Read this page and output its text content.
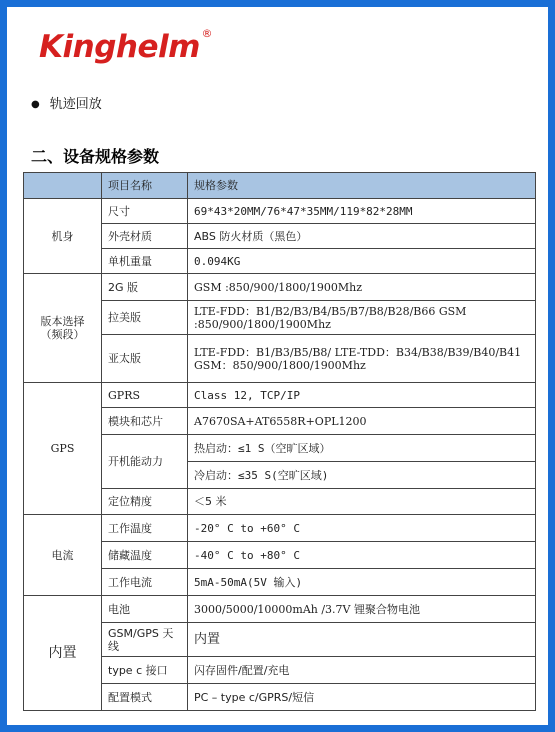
Kinghelm ®
● 轨迹回放
二、设备规格参数
	项目名称	规格参数
机身	尺寸	69*43*20MM/76*47*35MM/119*82*28MM
	外壳材质	ABS 防火材质（黑色）
	单机重量	0.094KG
版本选择（频段）	2G 版	GSM :850/900/1800/1900Mhz
	拉美版	LTE-FDD：B1/B2/B3/B4/B5/B7/B8/B28/B66 GSM :850/900/1800/1900Mhz
	亚太版	LTE-FDD：B1/B3/B5/B8/ LTE-TDD：B34/B38/B39/B40/B41 GSM：850/900/1800/1900Mhz
GPS	GPRS	Class 12, TCP/IP
	模块和芯片	A7670SA+AT6558R+OPL1200
	开机能动力	热启动：≤1 S（空旷区域）
		冷启动：≤35 S(空旷区域)
	定位精度	＜5 米
电流	工作温度	-20° C to +60° C
	储藏温度	-40° C to +80° C
	工作电流	5mA-50mA(5V 输入)
内置	电池	3000/5000/10000mAh /3.7V 锂聚合物电池
	GSM/GPS 天线	内置
	type c 接口	闪存固件/配置/充电
	配置模式	PC – type c/GPRS/短信
